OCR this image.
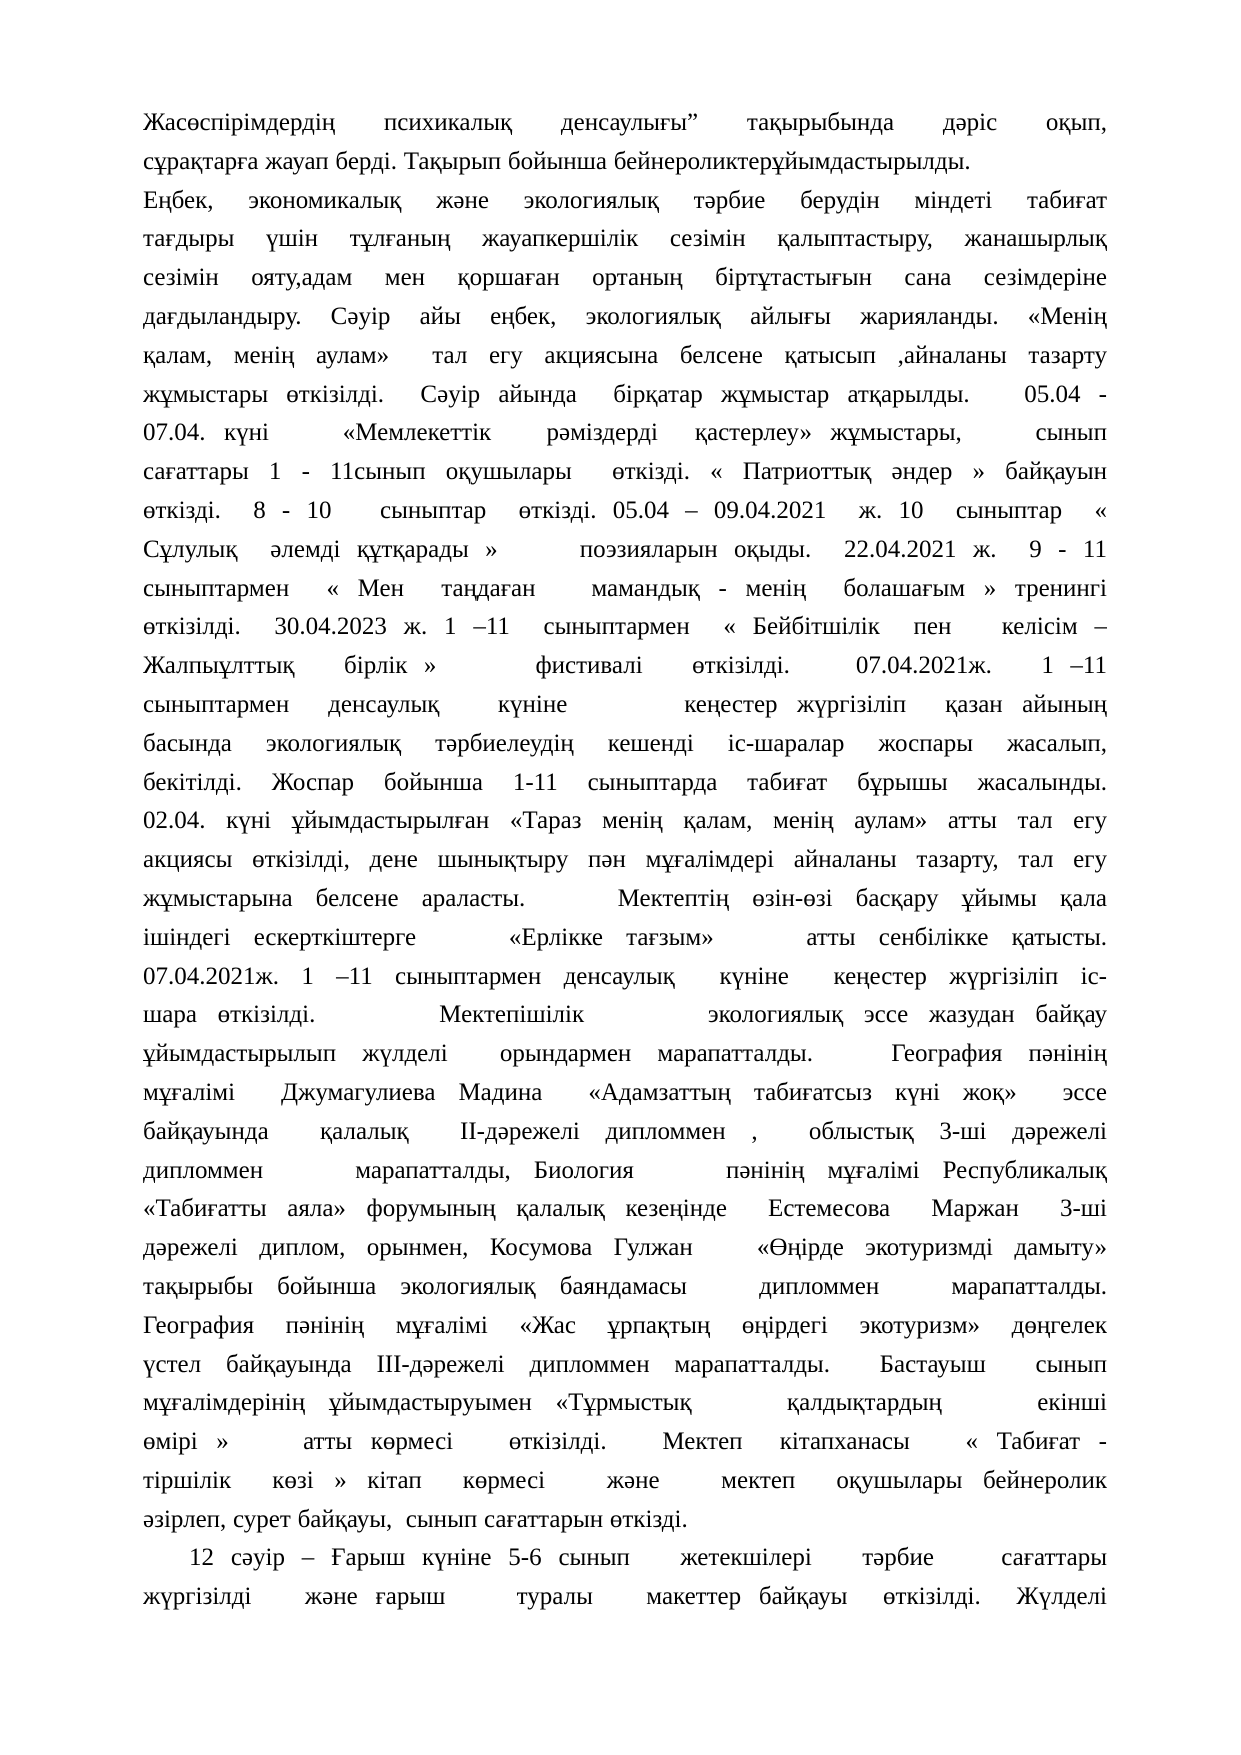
Жасөспірімдердің психикалық денсаулығы” тақырыбында дәріс оқып,
сұрақтарға жауап берді. Тақырып бойынша бейнероликтерұйымдастырылды.
Еңбек, экономикалық және экологиялық тәрбие берудін міндеті табиғат
тағдыры үшін тұлғаның жауапкершілік сезімін қалыптастыру, жанашырлық
сезімін ояту,адам мен қоршаған ортаның біртұтастығын сана сезімдеріне
дағдыландыру. Сәуір айы еңбек, экологиялық айлығы жарияланды. «Менің
қалам, менің аулам»  тал егу акциясына белсене қатысып ,айналаны тазарту
жұмыстары өткізілді.  Сәуір айында  бірқатар жұмыстар атқарылды.   05.04 -
07.04. күні    «Мемлекеттік   рәміздерді  қастерлеу» жұмыстары,    сынып
сағаттары 1 - 11сынып оқушылары  өткізді. « Патриоттық әндер » байқауын
өткізді.  8 - 10   сыныптар  өткізді. 05.04 – 09.04.2021  ж. 10  сыныптар  «
Сұлулық  әлемді құтқарады »     поэзияларын оқыды.  22.04.2021 ж.  9 - 11
сыныптармен  « Мен  таңдаған   мамандық - менің  болашағым » тренингі
өткізілді.  30.04.2023 ж. 1 –11  сыныптармен  « Бейбітшілік  пен   келісім –
Жалпыұлттық   бірлік »      фистивалі   өткізілді.    07.04.2021ж.   1 –11
сыныптармен  денсаулық   күніне      кеңестер жүргізіліп  қазан айының
басында экологиялық тәрбиелеудің кешенді іс-шаралар жоспары жасалып,
бекітілді. Жоспар бойынша 1-11 сыныптарда табиғат бұрышы жасалынды.
02.04. күні ұйымдастырылған «Тараз менің қалам, менің аулам» атты тал егу
акциясы өткізілді, дене шынықтыру пән мұғалімдері айналаны тазарту, тал егу
жұмыстарына белсене араласты.    Мектептің өзін-өзі басқару ұйымы қала
ішіндегі ескерткіштерге    «Ерлікке тағзым»    атты сенбілікке қатысты.
07.04.2021ж. 1 –11 сыныптармен денсаулық  күніне  кеңестер жүргізіліп іс-
шара өткізілді.      Мектепішілік      экологиялық эссе жазудан байқау
ұйымдастырылып жүлделі  орындармен марапатталды.   География пәнінің
мұғалімі  Джумагулиева Мадина  «Адамзаттың табиғатсыз күні жоқ»  эссе
байқауында  қалалық  ІІ-дәрежелі дипломмен ,  облыстық 3-ші дәрежелі
дипломмен    марапатталды, Биология    пәнінің мұғалімі Республикалық
«Табиғатты аяла» форумының қалалық кезеңінде  Естемесова  Маржан  3-ші
дәрежелі диплом, орынмен, Косумова Гулжан   «Өңірде экотуризмді дамыту»
тақырыбы бойынша экологиялық баяндамасы   дипломмен   марапатталды.
География пәнінің мұғалімі «Жас ұрпақтың өңірдегі экотуризм» дөңгелек
үстел байқауында ІІІ-дәрежелі дипломмен марапатталды.  Бастауыш  сынып
мұғалімдерінің ұйымдастыруымен «Тұрмыстық    қалдықтардың    екінші
өмірі »    атты көрмесі   өткізілді.   Мектеп  кітапханасы   « Табиғат -
тіршілік  көзі » кітап  көрмесі   және   мектеп  оқушылары бейнеролик
әзірлеп, сурет байқауы,  сынып сағаттарын өткізді.
12 сәуір – Ғарыш күніне 5-6 сынып   жетекшілері   тәрбие    сағаттары
жүргізілді   және ғарыш    туралы   макеттер байқауы  өткізілді.  Жүлделі
